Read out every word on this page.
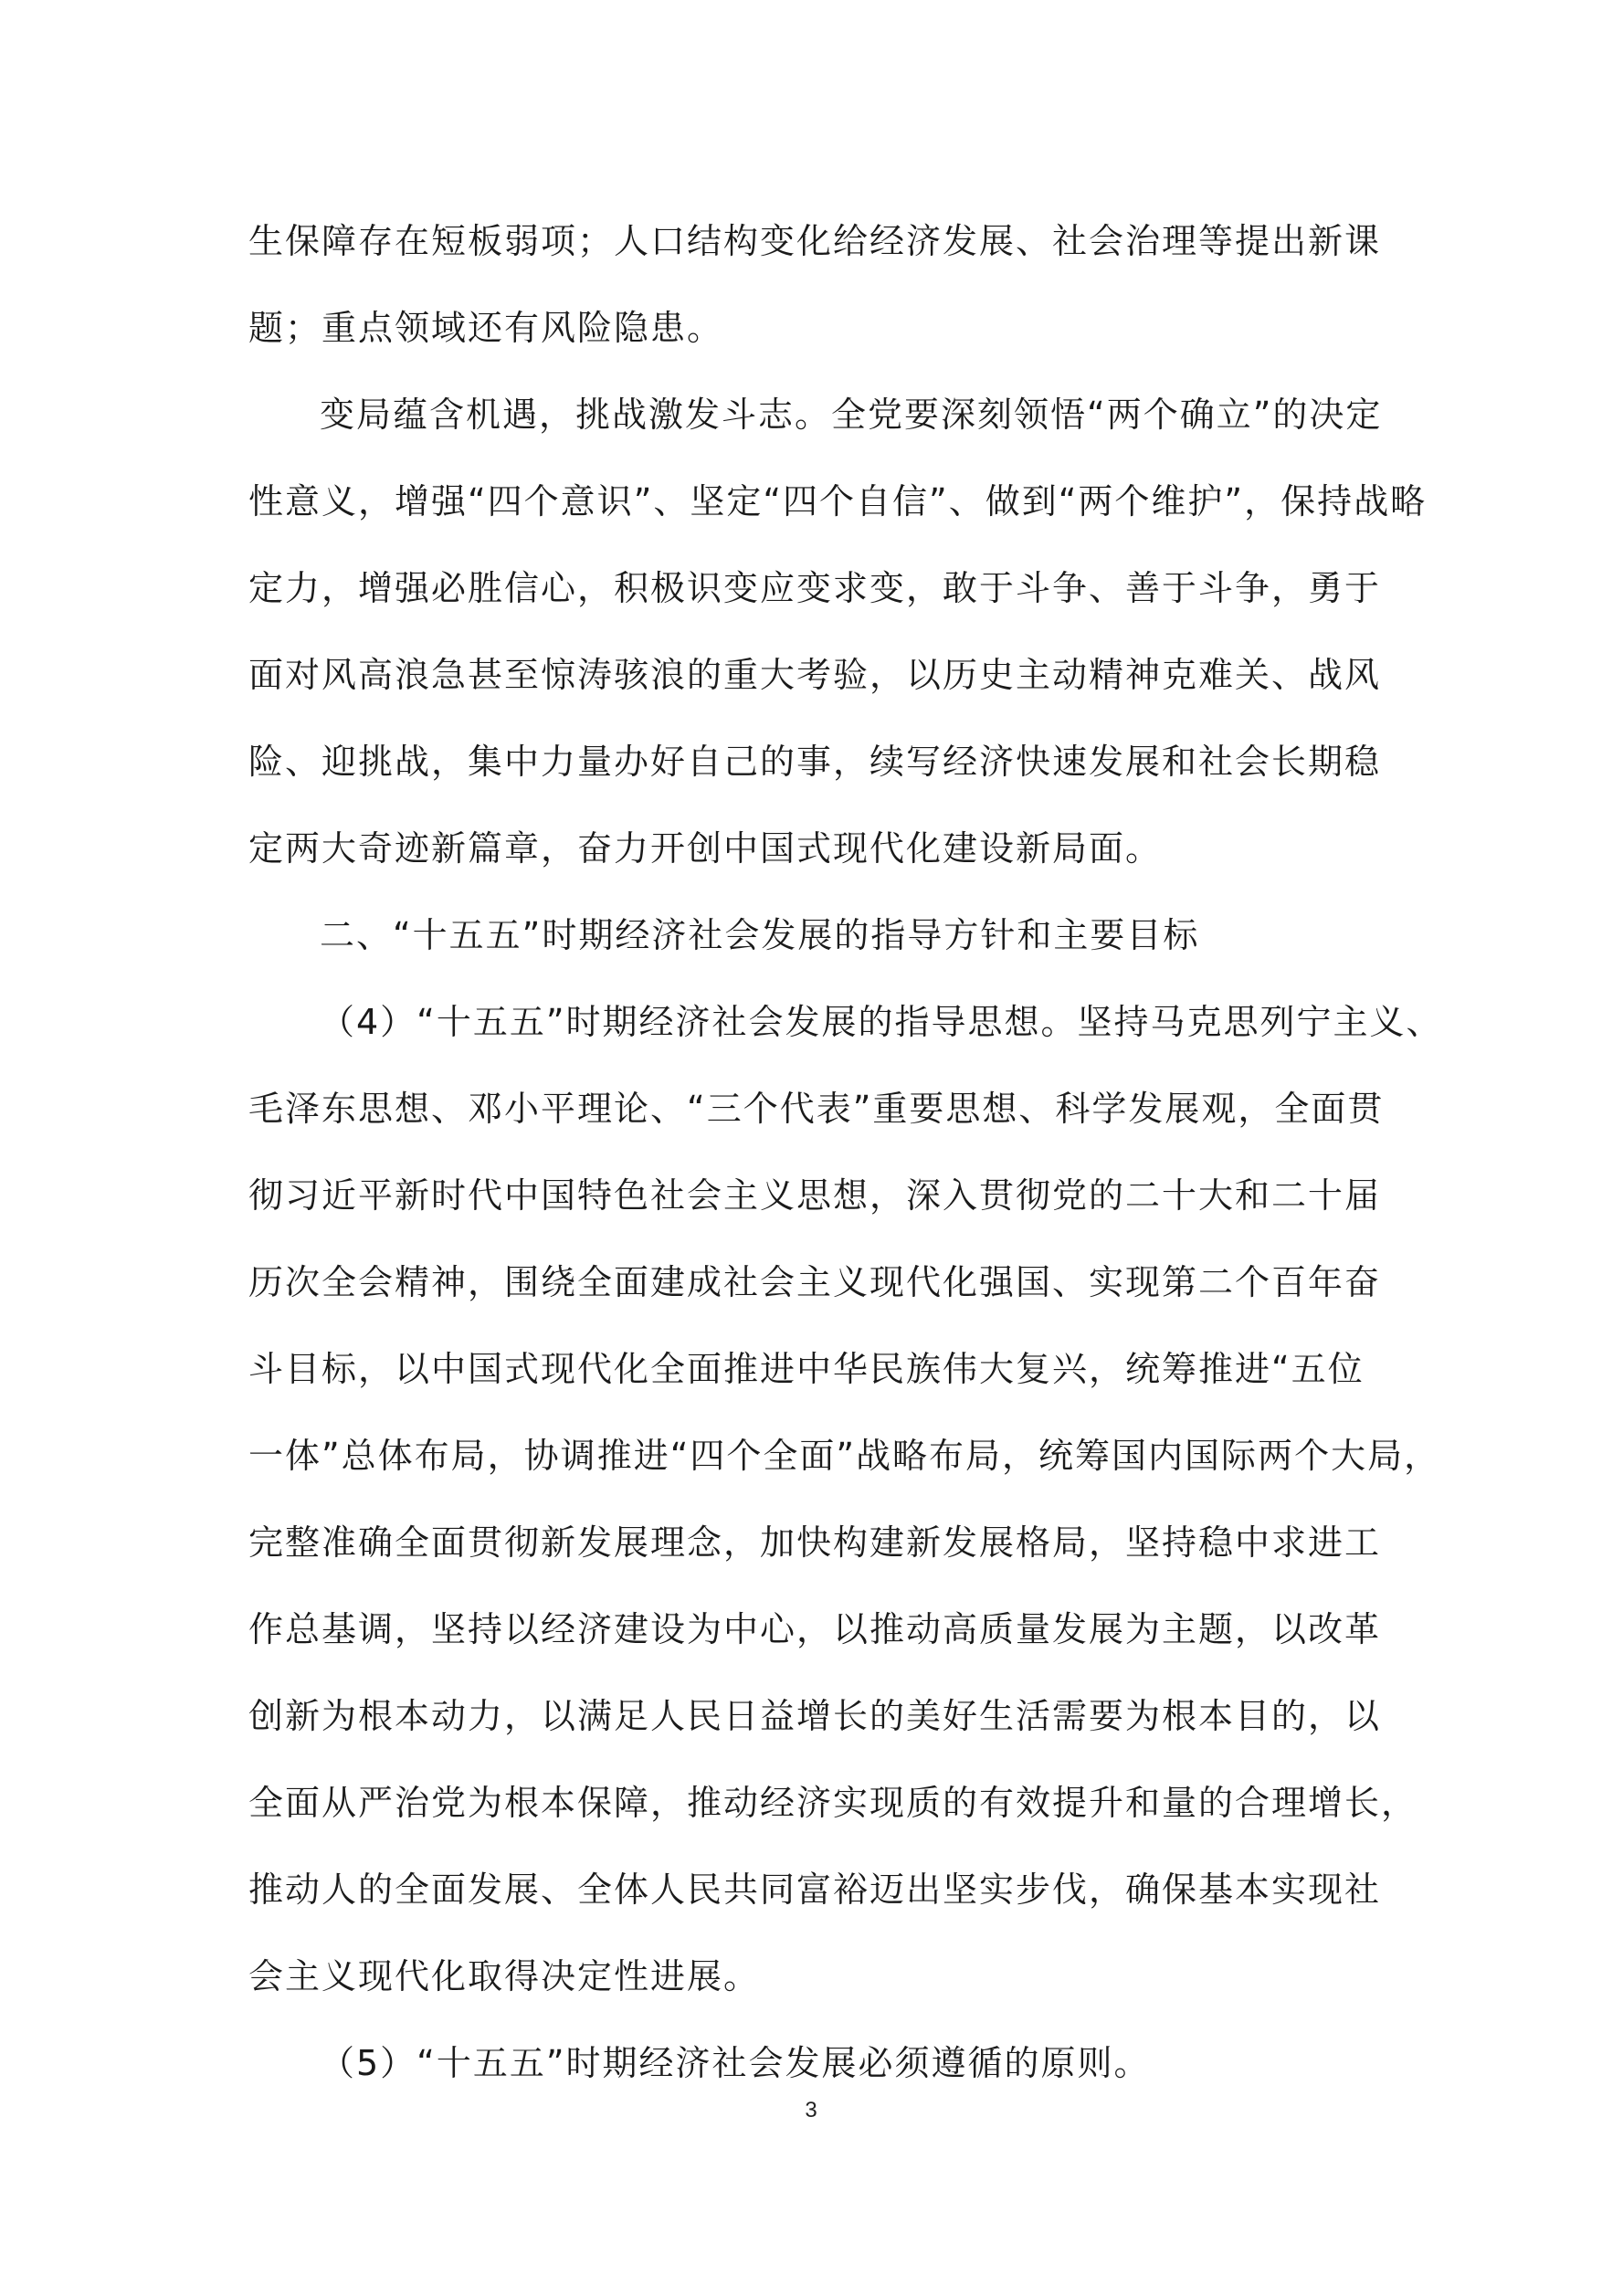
生保障存在短板弱项；人口结构变化给经济发展、社会治理等提出新课
题；重点领域还有风险隐患。
变局蕴含机遇，挑战激发斗志。全党要深刻领悟“两个确立”的决定
性意义，增强“四个意识”、坚定“四个自信”、做到“两个维护”，保持战略
定力，增强必胜信心，积极识变应变求变，敢于斗争、善于斗争，勇于
面对风高浪急甚至惊涛骇浪的重大考验，以历史主动精神克难关、战风
险、迎挑战，集中力量办好自己的事，续写经济快速发展和社会长期稳
定两大奇迹新篇章，奋力开创中国式现代化建设新局面。
二、“十五五”时期经济社会发展的指导方针和主要目标
（4）“十五五”时期经济社会发展的指导思想。坚持马克思列宁主义、
毛泽东思想、邓小平理论、“三个代表”重要思想、科学发展观，全面贯
彻习近平新时代中国特色社会主义思想，深入贯彻党的二十大和二十届
历次全会精神，围绕全面建成社会主义现代化强国、实现第二个百年奋
斗目标，以中国式现代化全面推进中华民族伟大复兴，统筹推进“五位
一体”总体布局，协调推进“四个全面”战略布局，统筹国内国际两个大局，
完整准确全面贯彻新发展理念，加快构建新发展格局，坚持稳中求进工
作总基调，坚持以经济建设为中心，以推动高质量发展为主题，以改革
创新为根本动力，以满足人民日益增长的美好生活需要为根本目的，以
全面从严治党为根本保障，推动经济实现质的有效提升和量的合理增长，
推动人的全面发展、全体人民共同富裕迈出坚实步伐，确保基本实现社
会主义现代化取得决定性进展。
（5）“十五五”时期经济社会发展必须遵循的原则。
3
